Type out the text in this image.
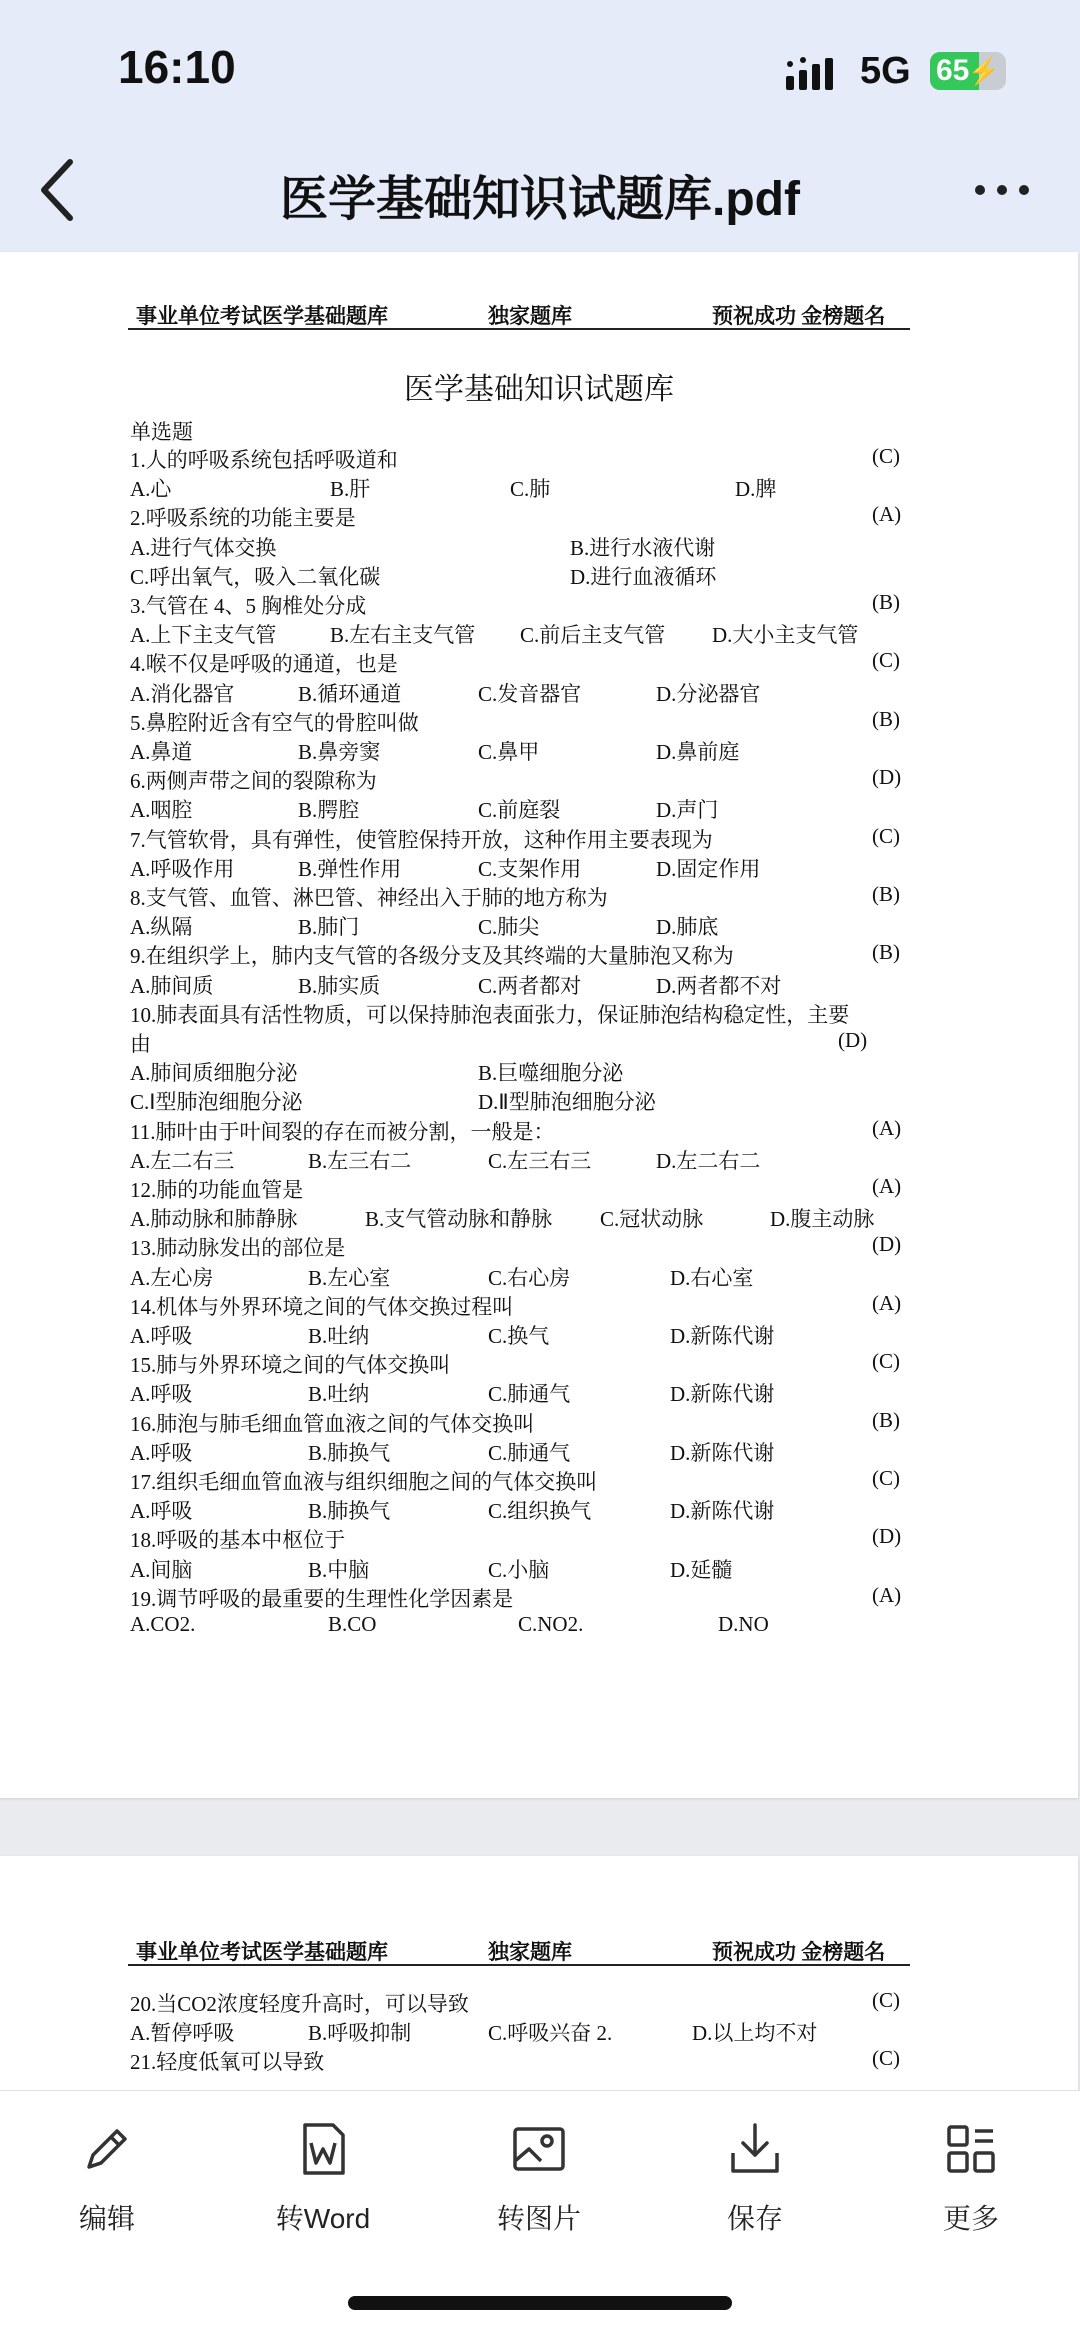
16:10	5G 65
⚡
医学基础知识试题库.pdf
事业单位考试医学基础题库	独家题库	预祝成功 金榜题名
医学基础知识试题库
单选题
1.人的呼吸系统包括呼吸道和	(C)
A.心	B.肝	C.肺	D.脾
2.呼吸系统的功能主要是	(A)
A.进行气体交换	B.进行水液代谢
C.呼出氧气，吸入二氧化碳	D.进行血液循环
3.气管在 4、5 胸椎处分成	(B)
A.上下主支气管	B.左右主支气管 C.前后主支气管 D.大小主支气管
4.喉不仅是呼吸的通道，也是	(C)
A.消化器官	B.循环通道	C.发音器官	D.分泌器官
5.鼻腔附近含有空气的骨腔叫做	(B)
A.鼻道	B.鼻旁窦	C.鼻甲	D.鼻前庭
6.两侧声带之间的裂隙称为	(D)
A.咽腔	B.腭腔	C.前庭裂	D.声门
7.气管软骨，具有弹性，使管腔保持开放，这种作用主要表现为	(C)
A.呼吸作用	B.弹性作用	C.支架作用	D.固定作用
8.支气管、血管、淋巴管、神经出入于肺的地方称为	(B)
A.纵隔	B.肺门	C.肺尖	D.肺底
9.在组织学上，肺内支气管的各级分支及其终端的大量肺泡又称为	(B)
A.肺间质	B.肺实质	C.两者都对	D.两者都不对
10.肺表面具有活性物质，可以保持肺泡表面张力，保证肺泡结构稳定性，主要
由	(D)
A.肺间质细胞分泌	B.巨噬细胞分泌
C.Ⅰ型肺泡细胞分泌	D.Ⅱ型肺泡细胞分泌
11.肺叶由于叶间裂的存在而被分割，一般是：	(A)
A.左二右三	B.左三右二	C.左三右三	D.左二右二
12.肺的功能血管是	(A)
A.肺动脉和肺静脉	B.支气管动脉和静脉 C.冠状动脉	D.腹主动脉
13.肺动脉发出的部位是	(D)
A.左心房	B.左心室	C.右心房	D.右心室
14.机体与外界环境之间的气体交换过程叫	(A)
A.呼吸	B.吐纳	C.换气	D.新陈代谢
15.肺与外界环境之间的气体交换叫	(C)
A.呼吸	B.吐纳	C.肺通气	D.新陈代谢
16.肺泡与肺毛细血管血液之间的气体交换叫	(B)
A.呼吸	B.肺换气	C.肺通气	D.新陈代谢
17.组织毛细血管血液与组织细胞之间的气体交换叫	(C)
A.呼吸	B.肺换气	C.组织换气	D.新陈代谢
18.呼吸的基本中枢位于	(D)
A.间脑	B.中脑	C.小脑	D.延髓
19.调节呼吸的最重要的生理性化学因素是	(A)
A.CO2.	B.CO	C.NO2.	D.NO
事业单位考试医学基础题库	独家题库	预祝成功 金榜题名
20.当CO2浓度轻度升高时，可以导致	(C)
A.暂停呼吸	B.呼吸抑制	C.呼吸兴奋 2.	D.以上均不对
21.轻度低氧可以导致	(C)
编辑	转Word	转图片	保存	更多
